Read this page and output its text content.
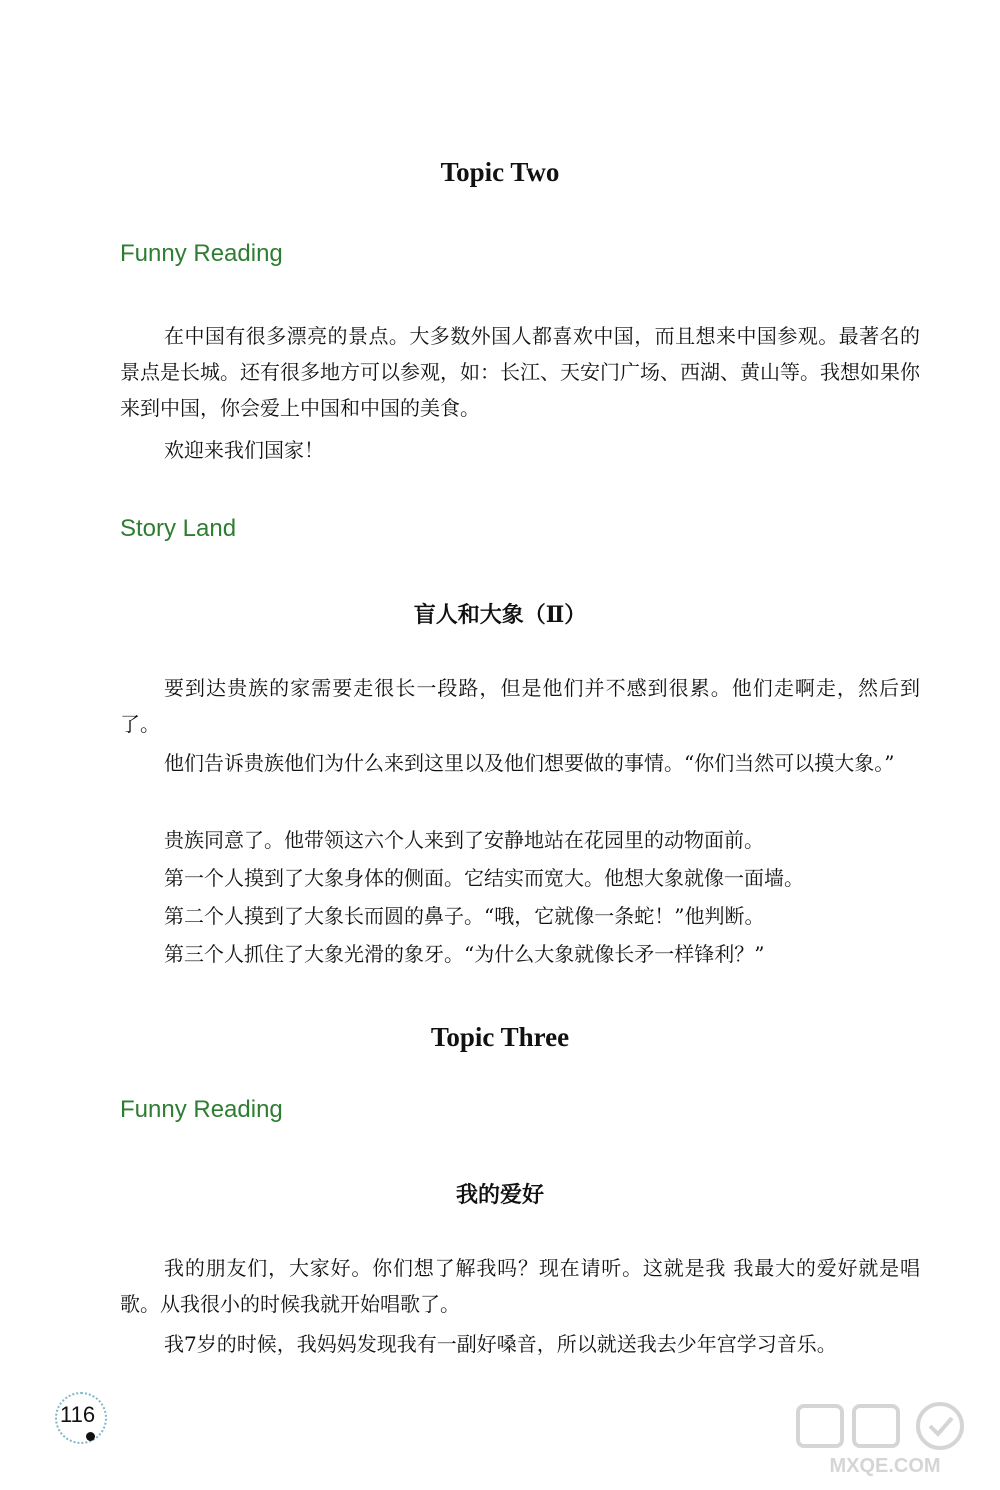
Topic Two
Funny Reading

在中国有很多漂亮的景点。大多数外国人都喜欢中国，而且想来中国参观。最著名的景点是长城。还有很多地方可以参观，如：长江、天安门广场、西湖、黄山等。我想如果你来到中国，你会爱上中国和中国的美食。

欢迎来我们国家！

Story Land
盲人和大象（Ⅱ）

要到达贵族的家需要走很长一段路，但是他们并不感到很累。他们走啊走，然后到了。

他们告诉贵族他们为什么来到这里以及他们想要做的事情。“你们当然可以摸大象。”

贵族同意了。他带领这六个人来到了安静地站在花园里的动物面前。

第一个人摸到了大象身体的侧面。它结实而宽大。他想大象就像一面墙。

第二个人摸到了大象长而圆的鼻子。“哦，它就像一条蛇！”他判断。

第三个人抓住了大象光滑的象牙。“为什么大象就像长矛一样锋利？”

Topic Three
Funny Reading
我的爱好

我的朋友们，大家好。你们想了解我吗？现在请听。这就是我 我最大的爱好就是唱歌。从我很小的时候我就开始唱歌了。

我7岁的时候，我妈妈发现我有一副好嗓音，所以就送我去少年宫学习音乐。

116

MXQE.COM
